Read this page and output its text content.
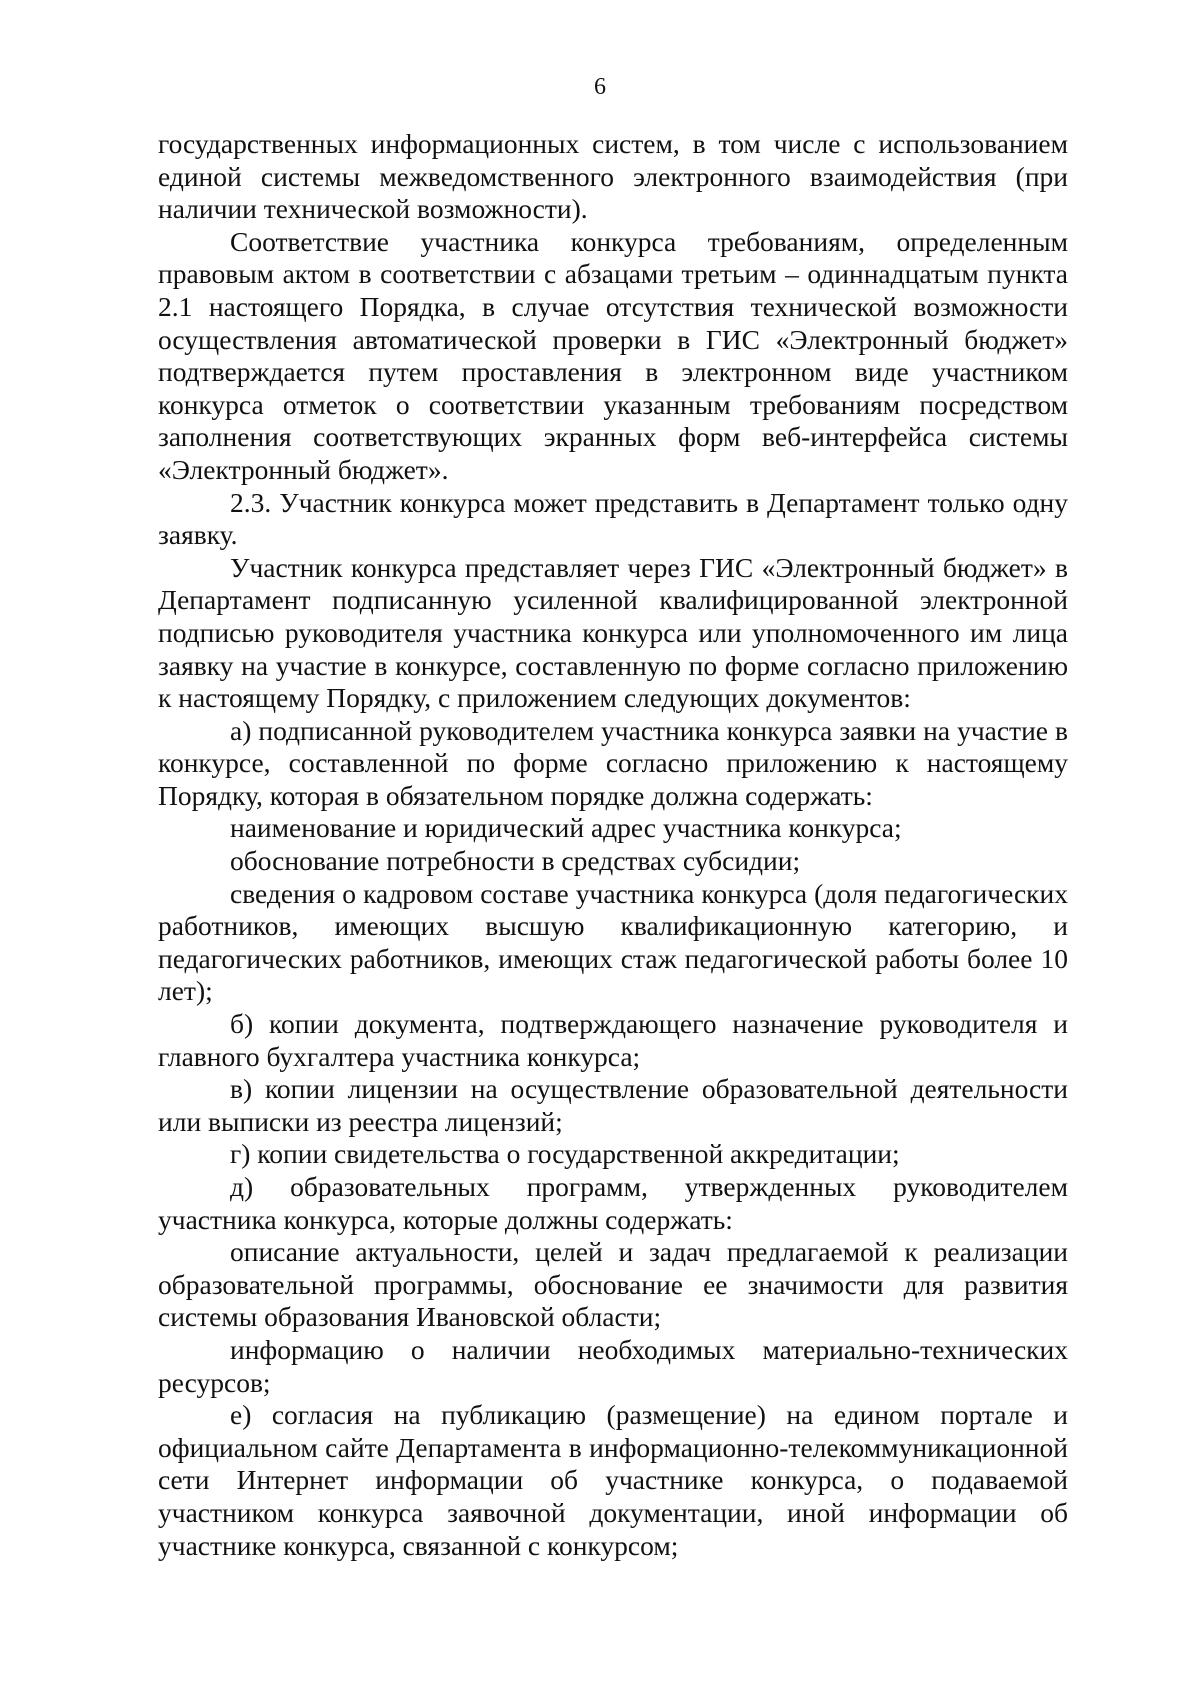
6

государственных информационных систем, в том числе с использованием единой системы межведомственного электронного взаимодействия (при наличии технической возможности).

Соответствие участника конкурса требованиям, определенным правовым актом в соответствии с абзацами третьим – одиннадцатым пункта 2.1 настоящего Порядка, в случае отсутствия технической возможности осуществления автоматической проверки в ГИС «Электронный бюджет» подтверждается путем проставления в электронном виде участником конкурса отметок о соответствии указанным требованиям посредством заполнения соответствующих экранных форм веб-интерфейса системы «Электронный бюджет».

2.3. Участник конкурса может представить в Департамент только одну заявку.

Участник конкурса представляет через ГИС «Электронный бюджет» в Департамент подписанную усиленной квалифицированной электронной подписью руководителя участника конкурса или уполномоченного им лица заявку на участие в конкурсе, составленную по форме согласно приложению к настоящему Порядку, с приложением следующих документов:

а) подписанной руководителем участника конкурса заявки на участие в конкурсе, составленной по форме согласно приложению к настоящему Порядку, которая в обязательном порядке должна содержать:

наименование и юридический адрес участника конкурса;

обоснование потребности в средствах субсидии;

сведения о кадровом составе участника конкурса (доля педагогических работников, имеющих высшую квалификационную категорию, и педагогических работников, имеющих стаж педагогической работы более 10 лет);

б) копии документа, подтверждающего назначение руководителя и главного бухгалтера участника конкурса;

в) копии лицензии на осуществление образовательной деятельности или выписки из реестра лицензий;

г) копии свидетельства о государственной аккредитации;

д) образовательных программ, утвержденных руководителем участника конкурса, которые должны содержать:

описание актуальности, целей и задач предлагаемой к реализации образовательной программы, обоснование ее значимости для развития системы образования Ивановской области;

информацию о наличии необходимых материально-технических ресурсов;

е) согласия на публикацию (размещение) на едином портале и официальном сайте Департамента в информационно-телекоммуникационной сети Интернет информации об участнике конкурса, о подаваемой участником конкурса заявочной документации, иной информации об участнике конкурса, связанной с конкурсом;
